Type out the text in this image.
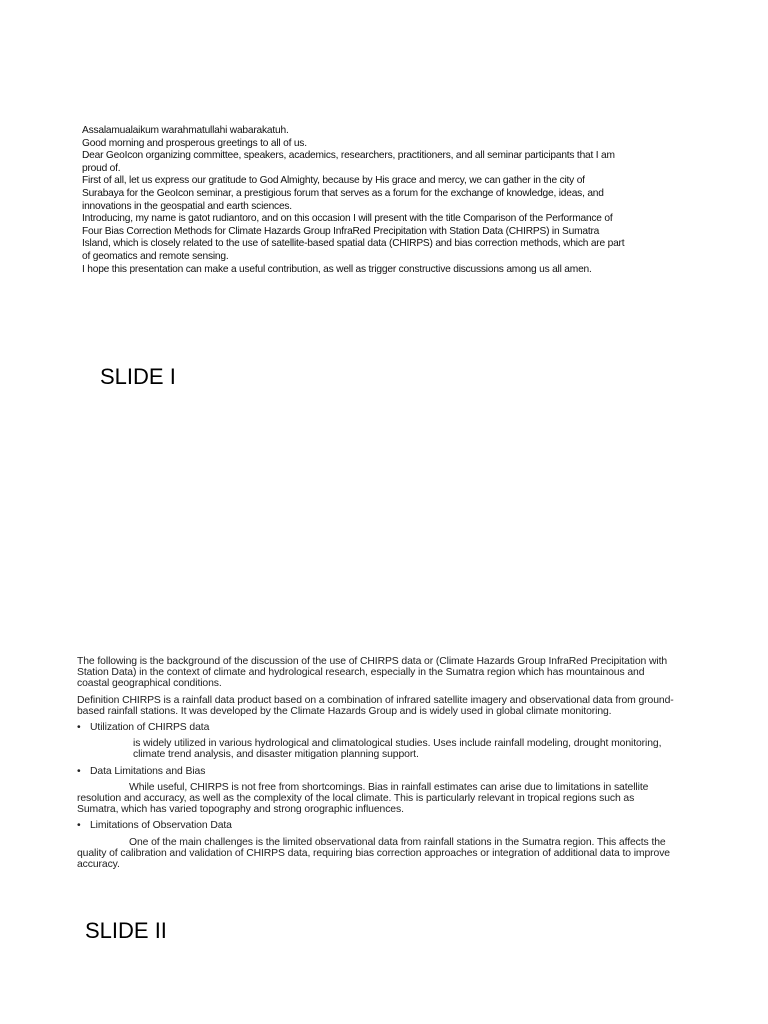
Assalamualaikum warahmatullahi wabarakatuh.

Good morning and prosperous greetings to all of us.

Dear GeoIcon organizing committee, speakers, academics, researchers, practitioners, and all seminar participants that I am proud of.

First of all, let us express our gratitude to God Almighty, because by His grace and mercy, we can gather in the city of Surabaya for the GeoIcon seminar, a prestigious forum that serves as a forum for the exchange of knowledge, ideas, and innovations in the geospatial and earth sciences.

Introducing, my name is gatot rudiantoro, and on this occasion I will present with the title Comparison of the Performance of Four Bias Correction Methods for Climate Hazards Group InfraRed Precipitation with Station Data (CHIRPS) in Sumatra Island, which is closely related to the use of satellite-based spatial data (CHIRPS) and bias correction methods, which are part of geomatics and remote sensing.

I hope this presentation can make a useful contribution, as well as trigger constructive discussions among us all amen.

SLIDE I

The following is the background of the discussion of the use of CHIRPS data or (Climate Hazards Group InfraRed Precipitation with Station Data) in the context of climate and hydrological research, especially in the Sumatra region which has mountainous and coastal geographical conditions.

Definition CHIRPS is a rainfall data product based on a combination of infrared satellite imagery and observational data from ground-based rainfall stations. It was developed by the Climate Hazards Group and is widely used in global climate monitoring.

• Utilization of CHIRPS data

is widely utilized in various hydrological and climatological studies. Uses include rainfall modeling, drought monitoring, climate trend analysis, and disaster mitigation planning support.

• Data Limitations and Bias

While useful, CHIRPS is not free from shortcomings. Bias in rainfall estimates can arise due to limitations in satellite resolution and accuracy, as well as the complexity of the local climate. This is particularly relevant in tropical regions such as Sumatra, which has varied topography and strong orographic influences.

• Limitations of Observation Data

One of the main challenges is the limited observational data from rainfall stations in the Sumatra region. This affects the quality of calibration and validation of CHIRPS data, requiring bias correction approaches or integration of additional data to improve accuracy.

SLIDE II
